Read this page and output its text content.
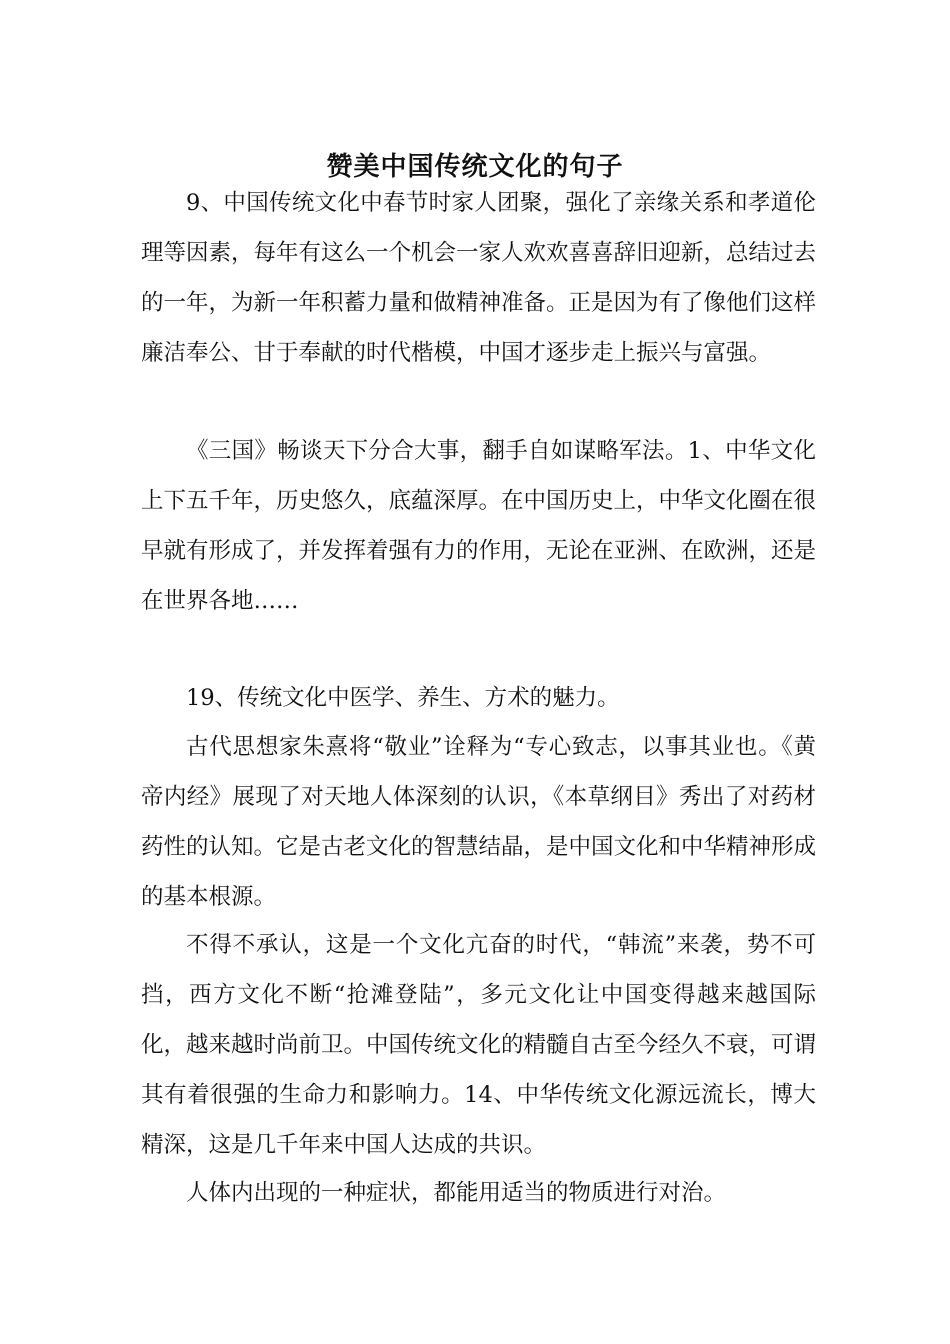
赞美中国传统文化的句子

9、中国传统文化中春节时家人团聚，强化了亲缘关系和孝道伦理等因素，每年有这么一个机会一家人欢欢喜喜辞旧迎新，总结过去的一年，为新一年积蓄力量和做精神准备。正是因为有了像他们这样廉洁奉公、甘于奉献的时代楷模，中国才逐步走上振兴与富强。

《三国》畅谈天下分合大事，翻手自如谋略军法。1、中华文化上下五千年，历史悠久，底蕴深厚。在中国历史上，中华文化圈在很早就有形成了，并发挥着强有力的作用，无论在亚洲、在欧洲，还是在世界各地……

19、传统文化中医学、养生、方术的魅力。

古代思想家朱熹将“敬业”诠释为“专心致志，以事其业也。《黄帝内经》展现了对天地人体深刻的认识，《本草纲目》秀出了对药材药性的认知。它是古老文化的智慧结晶，是中国文化和中华精神形成的基本根源。

不得不承认，这是一个文化亢奋的时代，“韩流”来袭，势不可挡，西方文化不断“抢滩登陆”，多元文化让中国变得越来越国际化，越来越时尚前卫。中国传统文化的精髓自古至今经久不衰，可谓其有着很强的生命力和影响力。14、中华传统文化源远流长，博大精深，这是几千年来中国人达成的共识。

人体内出现的一种症状，都能用适当的物质进行对治。
